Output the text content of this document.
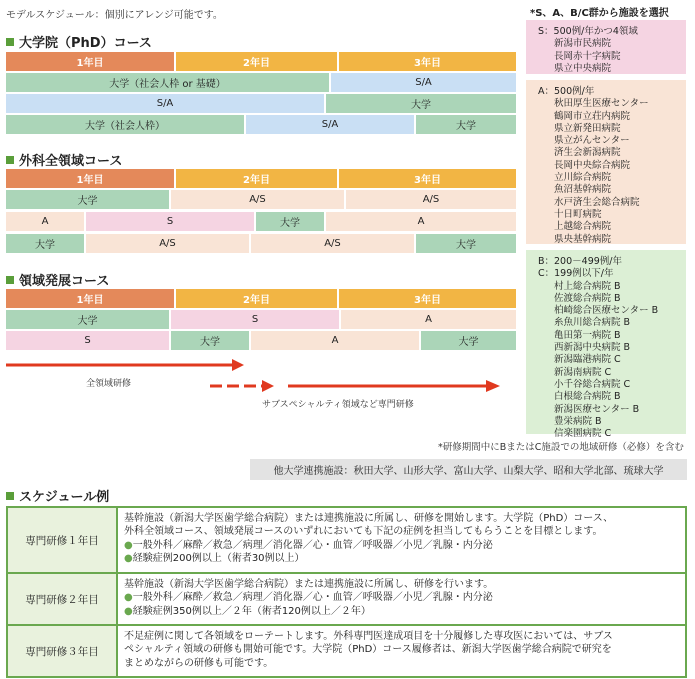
モデルスケジュール：個別にアレンジ可能です。
大学院（PhD）コース
1年目	2年目	3年目
大学（社会人枠 or 基礎）	S/A
S/A	大学
大学（社会人枠）	S/A	大学
外科全領域コース
1年目	2年目	3年目
大学	A/S	A/S
A	S	大学	A
大学	A/S	A/S	大学
領域発展コース
1年目	2年目	3年目
大学	S	A
S	大学	A	大学
全領域研修
サブスペシャルティ領域など専門研修
*S、A、B/C群から施設を選択
S：500例/年かつ4領域
新潟市民病院
長岡赤十字病院
県立中央病院
A：500例/年
秋田厚生医療センター
鶴岡市立荘内病院
県立新発田病院
県立がんセンター
済生会新潟病院
長岡中央綜合病院
立川綜合病院
魚沼基幹病院
水戸済生会総合病院
十日町病院
上越総合病院
県央基幹病院
B：200－499例/年
C：199例以下/年
村上総合病院 B
佐渡総合病院 B
柏崎総合医療センター B
糸魚川総合病院 B
亀田第一病院 B
西新潟中央病院 B
新潟臨港病院 C
新潟南病院 C
小千谷総合病院 C
白根総合病院 B
新潟医療センター B
豊栄病院 B
信楽園病院 C
*研修期間中にBまたはC施設での地域研修（必修）を含む
他大学連携施設：秋田大学、山形大学、富山大学、山梨大学、昭和大学北部、琉球大学
スケジュール例
専門研修１年目
基幹施設（新潟大学医歯学総合病院）または連携施設に所属し、研修を開始します。大学院（PhD）コース、
外科全領域コース、領域発展コースのいずれにおいても下記の症例を担当してもらうことを目標とします。
●一般外科／麻酔／救急／病理／消化器／心・血管／呼吸器／小児／乳腺・内分泌
●経験症例200例以上（術者30例以上）
専門研修２年目
基幹施設（新潟大学医歯学総合病院）または連携施設に所属し、研修を行います。
●一般外科／麻酔／救急／病理／消化器／心・血管／呼吸器／小児／乳腺・内分泌
●経験症例350例以上／２年（術者120例以上／２年）
専門研修３年目
不足症例に関して各領域をローテートします。外科専門医達成項目を十分履修した専攻医においては、サブス
ペシャルティ領域の研修も開始可能です。大学院（PhD）コース履修者は、新潟大学医歯学総合病院で研究を
まとめながらの研修も可能です。
